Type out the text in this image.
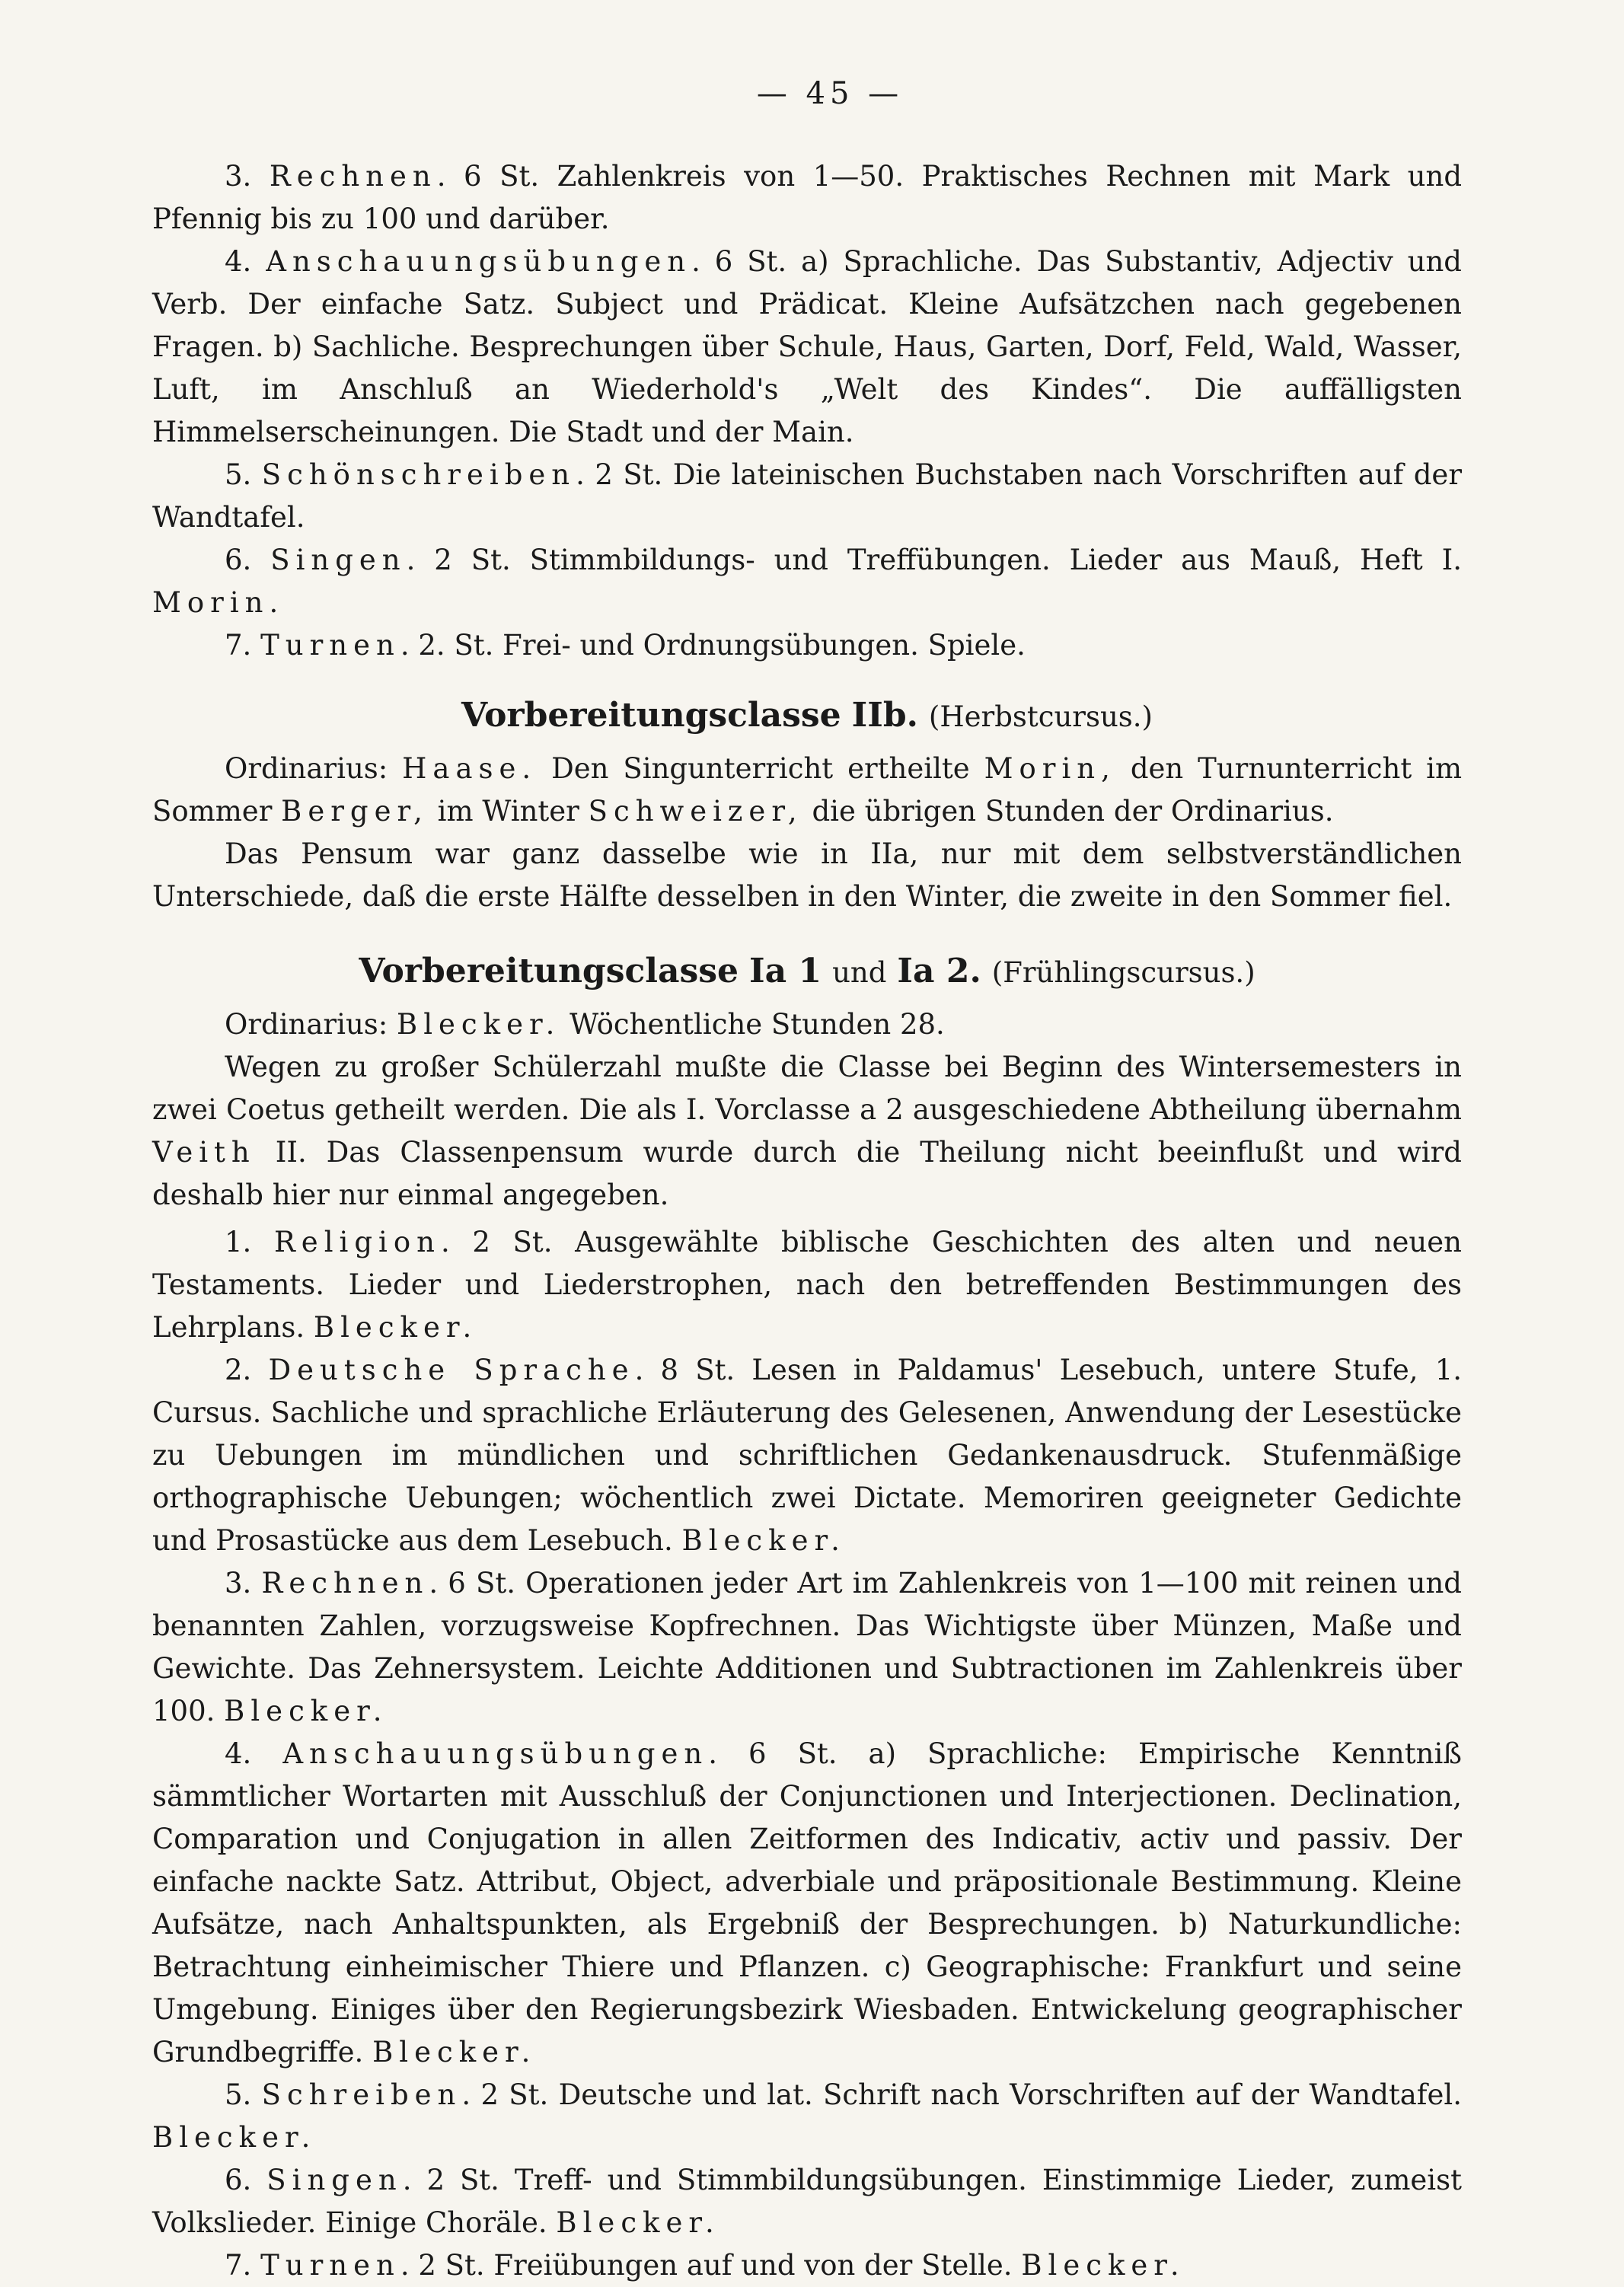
— 45 —

3. Rechnen. 6 St. Zahlenkreis von 1—50. Praktisches Rechnen mit Mark und Pfennig bis zu 100 und darüber.

4. Anschauungsübungen. 6 St. a) Sprachliche. Das Substantiv, Adjectiv und Verb. Der einfache Satz. Subject und Prädicat. Kleine Aufsätzchen nach gegebenen Fragen. b) Sachliche. Besprechungen über Schule, Haus, Garten, Dorf, Feld, Wald, Wasser, Luft, im Anschluß an Wiederhold's „Welt des Kindes“. Die auffälligsten Himmelserscheinungen. Die Stadt und der Main.

5. Schönschreiben. 2 St. Die lateinischen Buchstaben nach Vorschriften auf der Wandtafel.

6. Singen. 2 St. Stimmbildungs- und Treffübungen. Lieder aus Mauß, Heft I. Morin.

7. Turnen. 2. St. Frei- und Ordnungsübungen. Spiele.

Vorbereitungsclasse IIb. (Herbstcursus.)

Ordinarius: Haase. Den Singunterricht ertheilte Morin, den Turnunterricht im Sommer Berger, im Winter Schweizer, die übrigen Stunden der Ordinarius.

Das Pensum war ganz dasselbe wie in IIa, nur mit dem selbstverständlichen Unterschiede, daß die erste Hälfte desselben in den Winter, die zweite in den Sommer fiel.

Vorbereitungsclasse Ia 1 und Ia 2. (Frühlingscursus.)

Ordinarius: Blecker. Wöchentliche Stunden 28.

Wegen zu großer Schülerzahl mußte die Classe bei Beginn des Wintersemesters in zwei Coetus getheilt werden. Die als I. Vorclasse a 2 ausgeschiedene Abtheilung übernahm Veith II. Das Classenpensum wurde durch die Theilung nicht beeinflußt und wird deshalb hier nur einmal angegeben.

1. Religion. 2 St. Ausgewählte biblische Geschichten des alten und neuen Testaments. Lieder und Liederstrophen, nach den betreffenden Bestimmungen des Lehrplans. Blecker.

2. Deutsche Sprache. 8 St. Lesen in Paldamus' Lesebuch, untere Stufe, 1. Cursus. Sachliche und sprachliche Erläuterung des Gelesenen, Anwendung der Lesestücke zu Uebungen im mündlichen und schriftlichen Gedankenausdruck. Stufenmäßige orthographische Uebungen; wöchentlich zwei Dictate. Memoriren geeigneter Gedichte und Prosastücke aus dem Lesebuch. Blecker.

3. Rechnen. 6 St. Operationen jeder Art im Zahlenkreis von 1—100 mit reinen und benannten Zahlen, vorzugsweise Kopfrechnen. Das Wichtigste über Münzen, Maße und Gewichte. Das Zehnersystem. Leichte Additionen und Subtractionen im Zahlenkreis über 100. Blecker.

4. Anschauungsübungen. 6 St. a) Sprachliche: Empirische Kenntniß sämmtlicher Wortarten mit Ausschluß der Conjunctionen und Interjectionen. Declination, Comparation und Conjugation in allen Zeitformen des Indicativ, activ und passiv. Der einfache nackte Satz. Attribut, Object, adverbiale und präpositionale Bestimmung. Kleine Aufsätze, nach Anhaltspunkten, als Ergebniß der Besprechungen. b) Naturkundliche: Betrachtung einheimischer Thiere und Pflanzen. c) Geographische: Frankfurt und seine Umgebung. Einiges über den Regierungsbezirk Wiesbaden. Entwickelung geographischer Grundbegriffe. Blecker.

5. Schreiben. 2 St. Deutsche und lat. Schrift nach Vorschriften auf der Wandtafel. Blecker.

6. Singen. 2 St. Treff- und Stimmbildungsübungen. Einstimmige Lieder, zumeist Volkslieder. Einige Choräle. Blecker.

7. Turnen. 2 St. Freiübungen auf und von der Stelle. Blecker.
